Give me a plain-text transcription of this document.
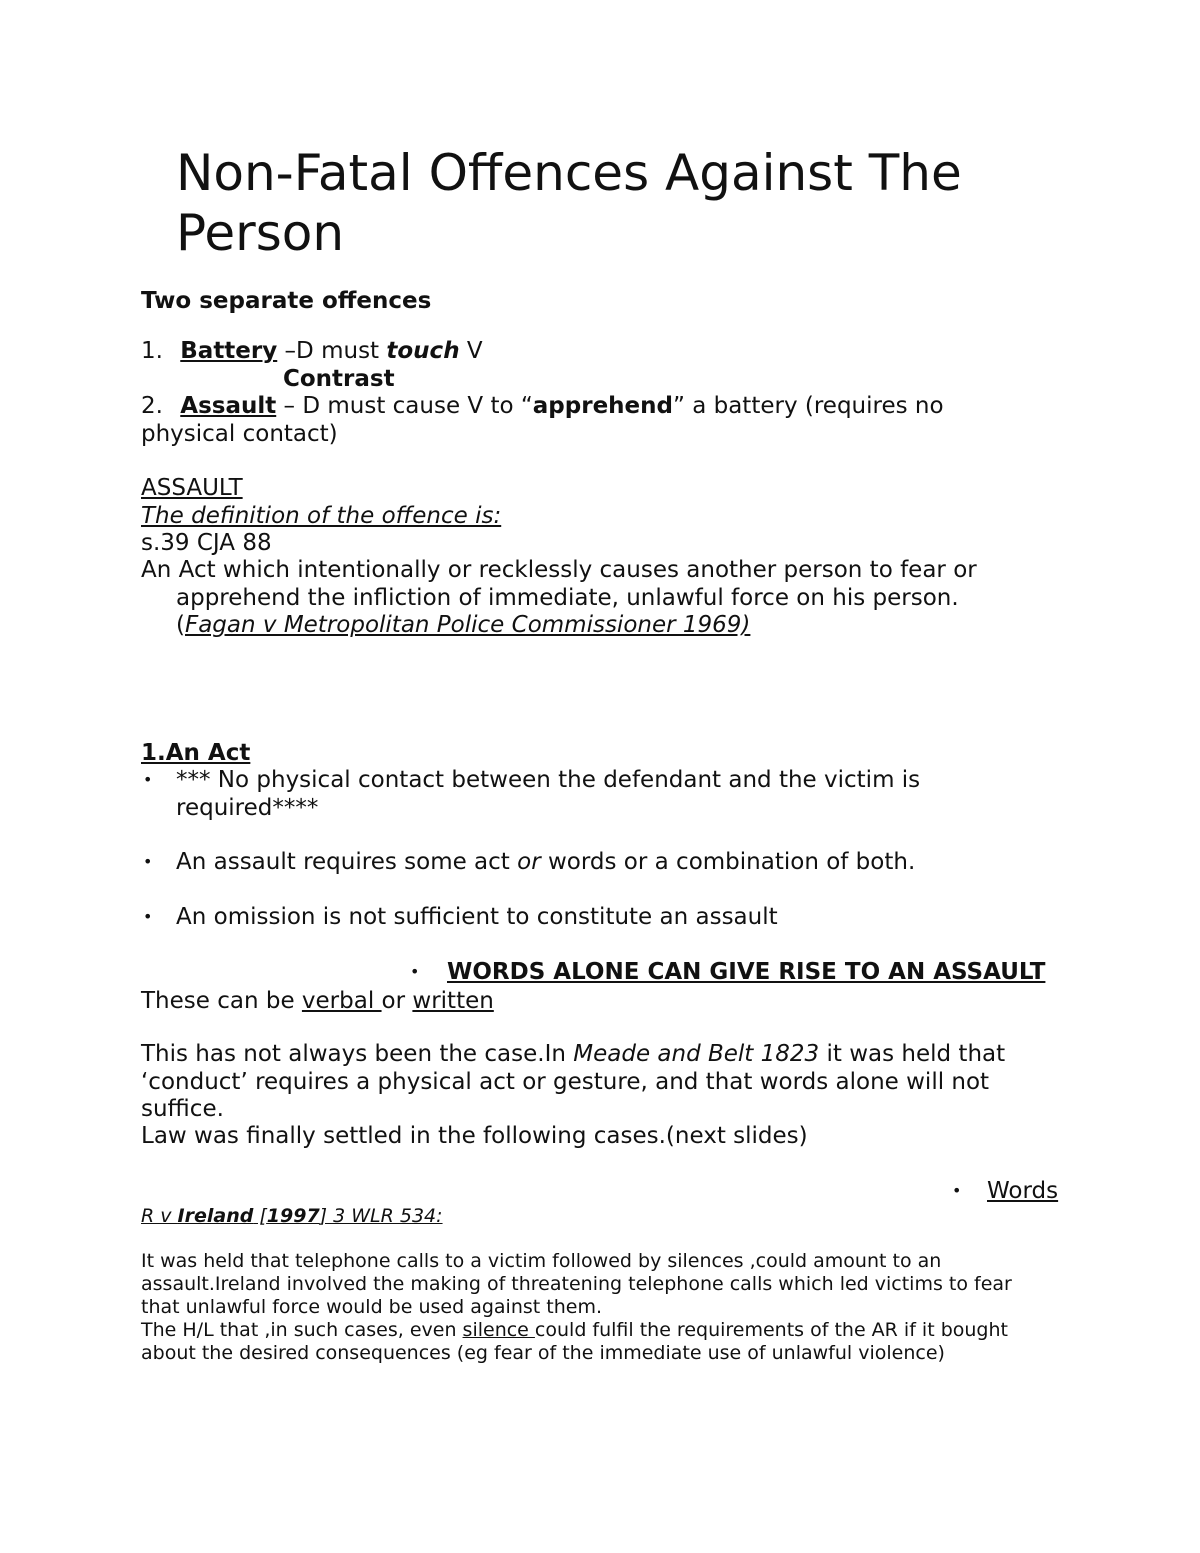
Non-Fatal Offences Against The

Person

Two separate offences

1. Battery –D must touch V

Contrast

2. Assault – D must cause V to “apprehend” a battery (requires no

physical contact)

ASSAULT

The definition of the offence is:

s.39 CJA 88

An Act which intentionally or recklessly causes another person to fear or

apprehend the infliction of immediate, unlawful force on his person.

(Fagan v Metropolitan Police Commissioner 1969)

1.An Act

• *** No physical contact between the defendant and the victim is

required****

• An assault requires some act or words or a combination of both.

• An omission is not sufficient to constitute an assault

• WORDS ALONE CAN GIVE RISE TO AN ASSAULT

These can be verbal or written

This has not always been the case.In Meade and Belt 1823 it was held that

‘conduct’ requires a physical act or gesture, and that words alone will not

suffice.

Law was finally settled in the following cases.(next slides)

• Words

R v Ireland [1997] 3 WLR 534:

It was held that telephone calls to a victim followed by silences ,could amount to an

assault.Ireland involved the making of threatening telephone calls which led victims to fear

that unlawful force would be used against them.

The H/L that ,in such cases, even silence could fulfil the requirements of the AR if it bought

about the desired consequences (eg fear of the immediate use of unlawful violence)
